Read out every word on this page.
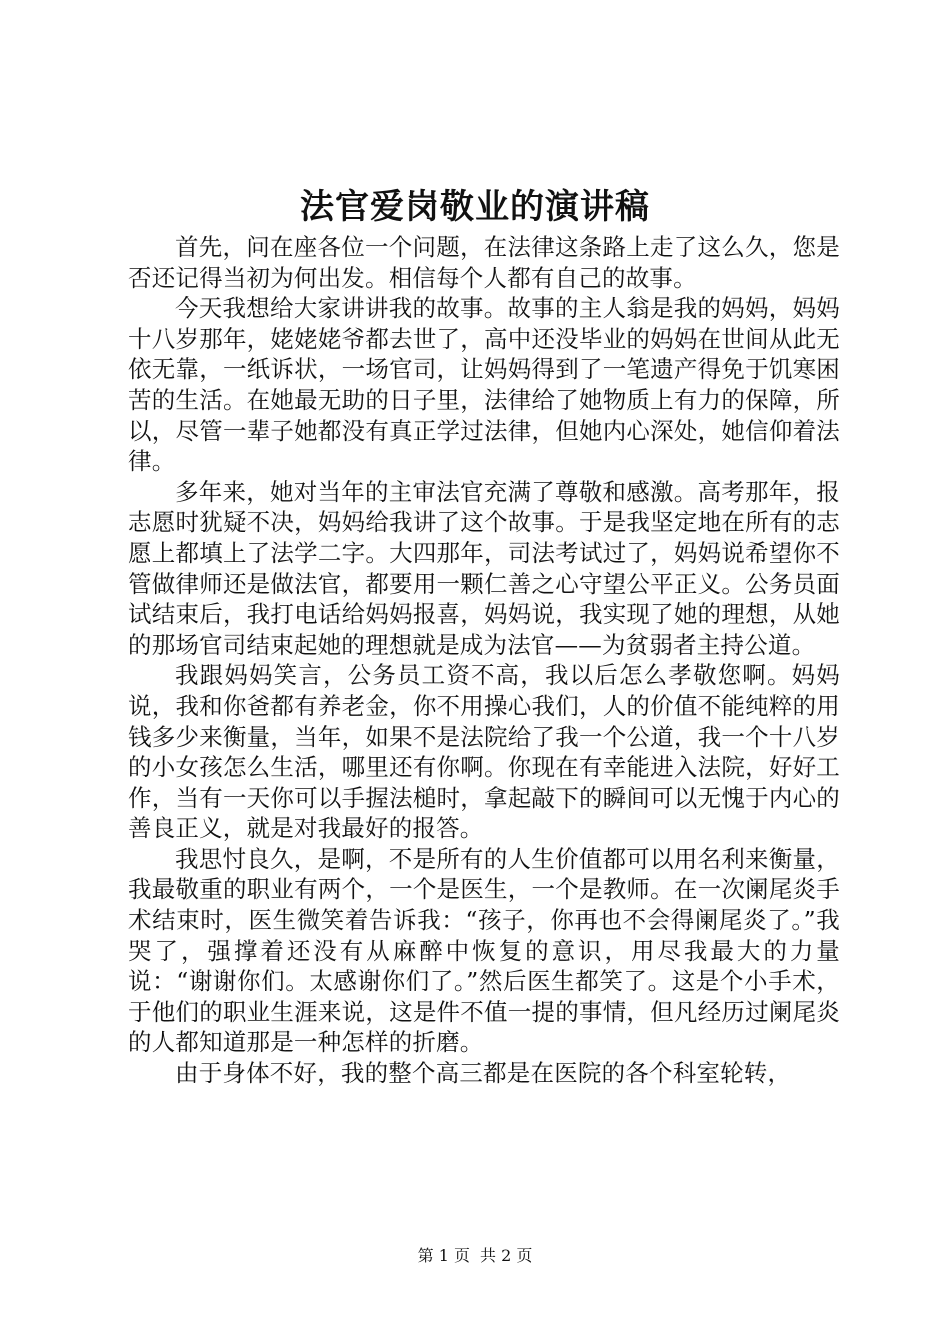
法官爱岗敬业的演讲稿

首先，问在座各位一个问题，在法律这条路上走了这么久，您是否还记得当初为何出发。相信每个人都有自己的故事。

今天我想给大家讲讲我的故事。故事的主人翁是我的妈妈，妈妈十八岁那年，姥姥姥爷都去世了，高中还没毕业的妈妈在世间从此无依无靠，一纸诉状，一场官司，让妈妈得到了一笔遗产得免于饥寒困苦的生活。在她最无助的日子里，法律给了她物质上有力的保障，所以，尽管一辈子她都没有真正学过法律，但她内心深处，她信仰着法律。

多年来，她对当年的主审法官充满了尊敬和感激。高考那年，报志愿时犹疑不决，妈妈给我讲了这个故事。于是我坚定地在所有的志愿上都填上了法学二字。大四那年，司法考试过了，妈妈说希望你不管做律师还是做法官，都要用一颗仁善之心守望公平正义。公务员面试结束后，我打电话给妈妈报喜，妈妈说，我实现了她的理想，从她的那场官司结束起她的理想就是成为法官——为贫弱者主持公道。

我跟妈妈笑言，公务员工资不高，我以后怎么孝敬您啊。妈妈说，我和你爸都有养老金，你不用操心我们，人的价值不能纯粹的用钱多少来衡量，当年，如果不是法院给了我一个公道，我一个十八岁的小女孩怎么生活，哪里还有你啊。你现在有幸能进入法院，好好工作，当有一天你可以手握法槌时，拿起敲下的瞬间可以无愧于内心的善良正义，就是对我最好的报答。

我思忖良久，是啊，不是所有的人生价值都可以用名利来衡量，我最敬重的职业有两个，一个是医生，一个是教师。在一次阑尾炎手术结束时，医生微笑着告诉我：“孩子，你再也不会得阑尾炎了。”我哭了，强撑着还没有从麻醉中恢复的意识，用尽我最大的力量说：“谢谢你们。太感谢你们了。”然后医生都笑了。这是个小手术，于他们的职业生涯来说，这是件不值一提的事情，但凡经历过阑尾炎的人都知道那是一种怎样的折磨。

由于身体不好，我的整个高三都是在医院的各个科室轮转，

第 1 页 共 2 页
